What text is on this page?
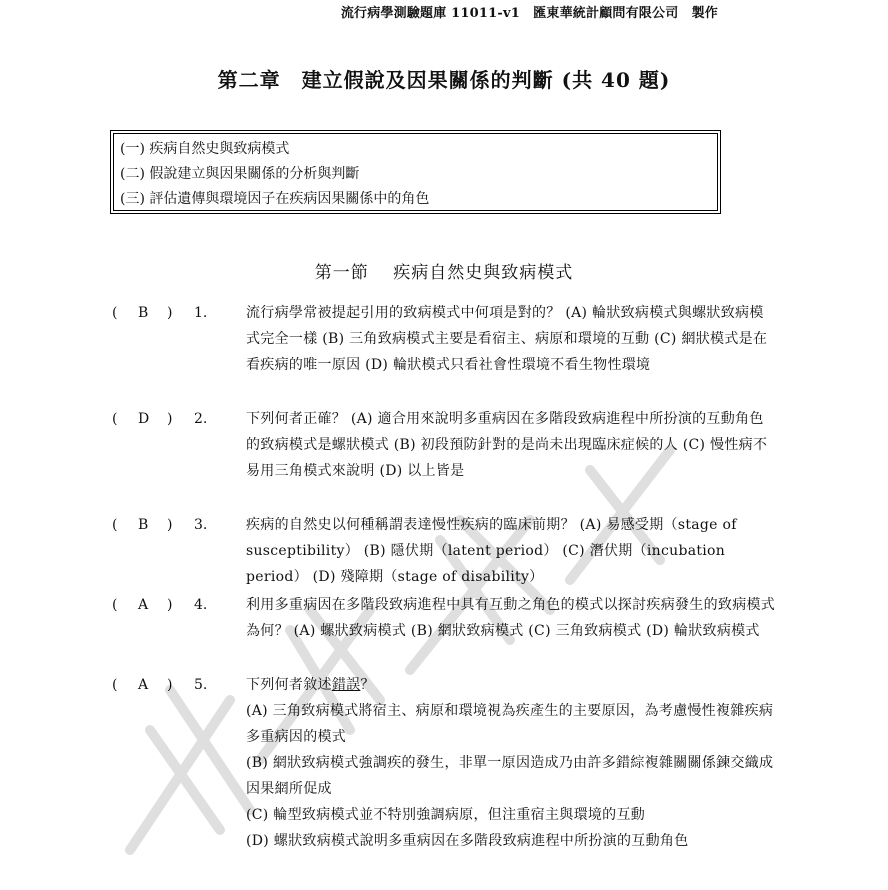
流行病學測驗題庫 11011-v1　匯東華統計顧問有限公司　製作
第二章　建立假說及因果關係的判斷 (共 40 題)
(一) 疾病自然史與致病模式
(二) 假說建立與因果關係的分析與判斷
(三) 評估遺傳與環境因子在疾病因果關係中的角色
第一節　 疾病自然史與致病模式
( B ) 1.	流行病學常被提起引用的致病模式中何項是對的？ (A) 輪狀致病模式與螺狀致病模式完全一樣 (B) 三角致病模式主要是看宿主、病原和環境的互動 (C) 網狀模式是在看疾病的唯一原因 (D) 輪狀模式只看社會性環境不看生物性環境
( D ) 2.	下列何者正確？ (A) 適合用來說明多重病因在多階段致病進程中所扮演的互動角色的致病模式是螺狀模式 (B) 初段預防針對的是尚未出現臨床症候的人 (C) 慢性病不易用三角模式來說明 (D) 以上皆是
( B ) 3.	疾病的自然史以何種稱謂表達慢性疾病的臨床前期？ (A) 易感受期（stage of susceptibility） (B) 隱伏期（latent period） (C) 潛伏期（incubation period） (D) 殘障期（stage of disability）
( A ) 4.	利用多重病因在多階段致病進程中具有互動之角色的模式以探討疾病發生的致病模式為何？ (A) 螺狀致病模式 (B) 網狀致病模式 (C) 三角致病模式 (D) 輪狀致病模式
( A ) 5.	下列何者敘述錯誤？
(A) 三角致病模式將宿主、病原和環境視為疾產生的主要原因，為考慮慢性複雜疾病多重病因的模式
(B) 網狀致病模式強調疾的發生，非單一原因造成乃由許多錯綜複雜關關係鍊交織成因果網所促成
(C) 輪型致病模式並不特別強調病原，但注重宿主與環境的互動
(D) 螺狀致病模式說明多重病因在多階段致病進程中所扮演的互動角色
